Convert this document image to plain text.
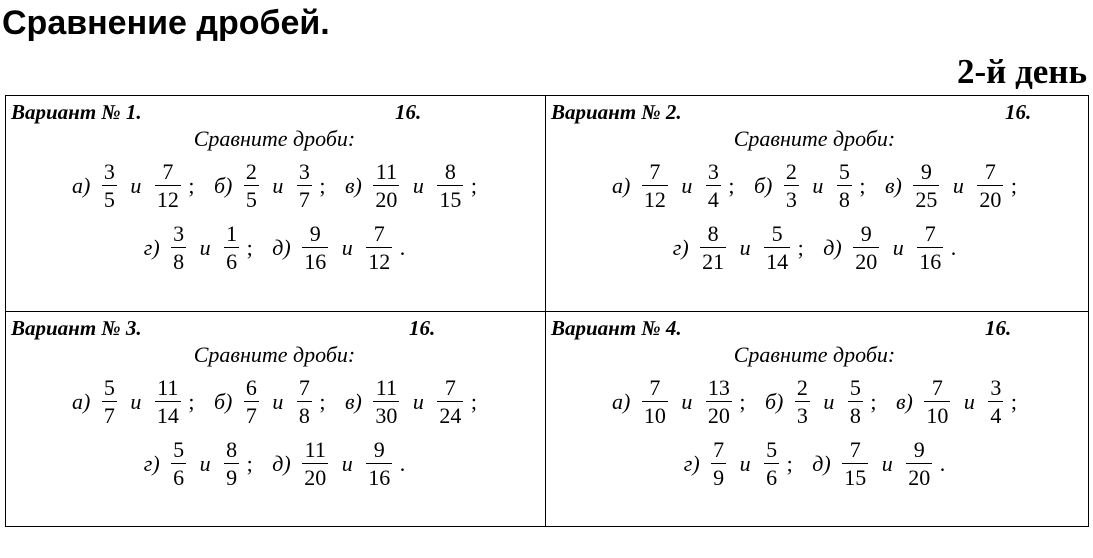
Сравнение дробей.
2-й день
Вариант № 1.	16.
Сравните дроби:
$а) \frac{3}{5}$ и $\frac{7}{12}$ ; $б) \frac{2}{5}$ и $\frac{3}{7}$ ; $в) \frac{11}{20}$ и $\frac{8}{15}$ ;
$г) \frac{3}{8}$ и $\frac{1}{6}$ ; $д) \frac{9}{16}$ и $\frac{7}{12}$ .
Вариант № 2.	16.
Сравните дроби:
$а) \frac{7}{12}$ и $\frac{3}{4}$ ; $б) \frac{2}{3}$ и $\frac{5}{8}$ ; $в) \frac{9}{25}$ и $\frac{7}{20}$ ;
$г) \frac{8}{21}$ и $\frac{5}{14}$ ; $д) \frac{9}{20}$ и $\frac{7}{16}$ .
Вариант № 3.	16.
Сравните дроби:
$а) \frac{5}{7}$ и $\frac{11}{14}$ ; $б) \frac{6}{7}$ и $\frac{7}{8}$ ; $в) \frac{11}{30}$ и $\frac{7}{24}$ ;
$г) \frac{5}{6}$ и $\frac{8}{9}$ ; $д) \frac{11}{20}$ и $\frac{9}{16}$ .
Вариант № 4.	16.
Сравните дроби:
$а) \frac{7}{10}$ и $\frac{13}{20}$ ; $б) \frac{2}{3}$ и $\frac{5}{8}$ ; $в) \frac{7}{10}$ и $\frac{3}{4}$ ;
$г) \frac{7}{9}$ и $\frac{5}{6}$ ; $д) \frac{7}{15}$ и $\frac{9}{20}$ .
